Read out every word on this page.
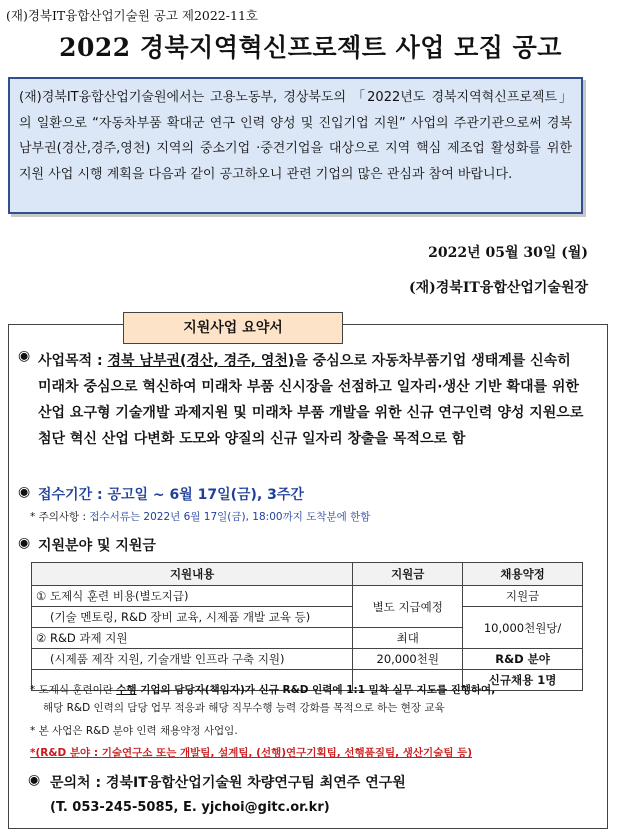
(재)경북IT융합산업기술원 공고 제2022-11호
2022 경북지역혁신프로젝트 사업 모집 공고
(재)경북IT융합산업기술원에서는 고용노동부, 경상북도의 「2022년도 경북지역혁신프로젝트」의 일환으로 “자동차부품 확대군 연구 인력 양성 및 진입기업 지원” 사업의 주관기관으로써 경북 남부권(경산,경주,영천) 지역의 중소기업 ·중견기업을 대상으로 지역 핵심 제조업 활성화를 위한 지원 사업 시행 계획을 다음과 같이 공고하오니 관련 기업의 많은 관심과 참여 바랍니다.
2022년 05월 30일 (월)
(재)경북IT융합산업기술원장
지원사업 요약서
◉ 사업목적 : 경북 남부권(경산, 경주, 영천)을 중심으로 자동차부품기업 생태계를 신속히 미래차 중심으로 혁신하여 미래차 부품 신시장을 선점하고 일자리·생산 기반 확대를 위한 산업 요구형 기술개발 과제지원 및 미래차 부품 개발을 위한 신규 연구인력 양성 지원으로 첨단 혁신 산업 다변화 도모와 양질의 신규 일자리 창출을 목적으로 함
◉ 접수기간 : 공고일 ~ 6월 17일(금), 3주간
* 주의사항 : 접수서류는 2022년 6월 17일(금), 18:00까지 도착분에 한함
◉ 지원분야 및 지원금
지원내용	지원금	채용약정
① 도제식 훈련 비용(별도지급)	별도 지급예정	지원금
(기술 멘토링, R&D 장비 교육, 시제품 개발 교육 등)		10,000천원당/
② R&D 과제 지원	최대	
(시제품 제작 지원, 기술개발 인프라 구축 지원)	20,000천원	R&D 분야
		신규채용 1명
* 도제식 훈련이란 수행 기업의 담당자(책임자)가 신규 R&D 인력에 1:1 밀착 실무 지도를 진행하여,
해당 R&D 인력의 담당 업무 적응과 해당 직무수행 능력 강화를 목적으로 하는 현장 교육
* 본 사업은 R&D 분야 인력 채용약정 사업임.
*(R&D 분야 : 기술연구소 또는 개발팀, 설계팀, (선행)연구기획팀, 선행품질팀, 생산기술팀 등)
◉ 문의처 : 경북IT융합산업기술원 차량연구팀 최연주 연구원
(T. 053-245-5085, E. yjchoi@gitc.or.kr)
